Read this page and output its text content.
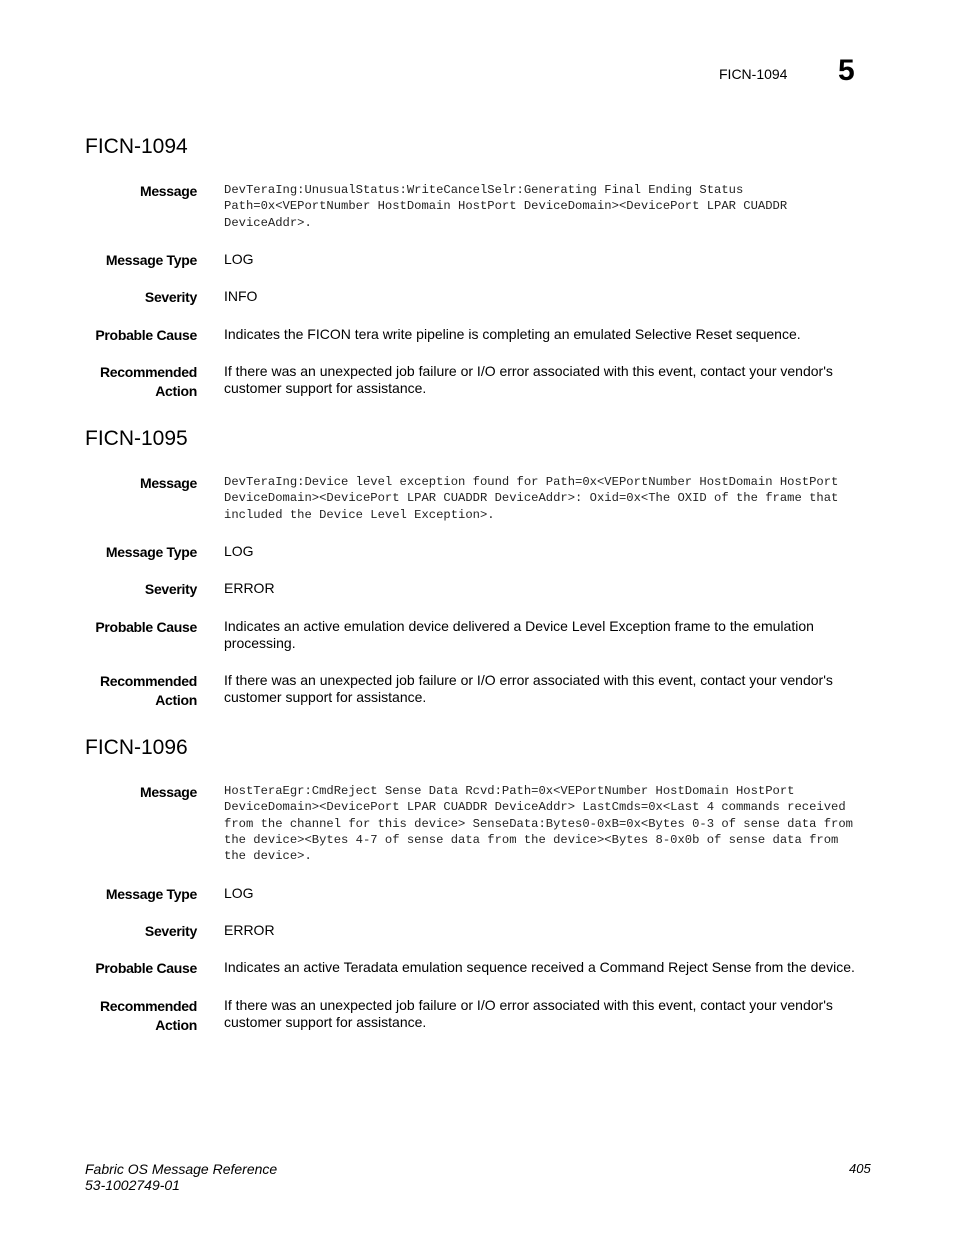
FICN-1094 5
FICN-1094
Message DevTeraIng:UnusualStatus:WriteCancelSelr:Generating Final Ending Status Path=0x<VEPortNumber HostDomain HostPort DeviceDomain><DevicePort LPAR CUADDR DeviceAddr>.
Message Type LOG
Severity INFO
Probable Cause Indicates the FICON tera write pipeline is completing an emulated Selective Reset sequence.
Recommended
Action
If there was an unexpected job failure or I/O error associated with this event, contact your vendor's customer support for assistance.
FICN-1095
Message DevTeraIng:Device level exception found for Path=0x<VEPortNumber HostDomain HostPort DeviceDomain><DevicePort LPAR CUADDR DeviceAddr>: Oxid=0x<The OXID of the frame that included the Device Level Exception>.
Message Type LOG
Severity ERROR
Probable Cause Indicates an active emulation device delivered a Device Level Exception frame to the emulation processing.
Recommended
Action
If there was an unexpected job failure or I/O error associated with this event, contact your vendor's customer support for assistance.
FICN-1096
Message HostTeraEgr:CmdReject Sense Data Rcvd:Path=0x<VEPortNumber HostDomain HostPort DeviceDomain><DevicePort LPAR CUADDR DeviceAddr> LastCmds=0x<Last 4 commands received from the channel for this device> SenseData:Bytes0-0xB=0x<Bytes 0-3 of sense data from the device><Bytes 4-7 of sense data from the device><Bytes 8-0x0b of sense data from the device>.
Message Type LOG
Severity ERROR
Probable Cause Indicates an active Teradata emulation sequence received a Command Reject Sense from the device.
Recommended
Action
If there was an unexpected job failure or I/O error associated with this event, contact your vendor's customer support for assistance.
Fabric OS Message Reference
53-1002749-01
405
